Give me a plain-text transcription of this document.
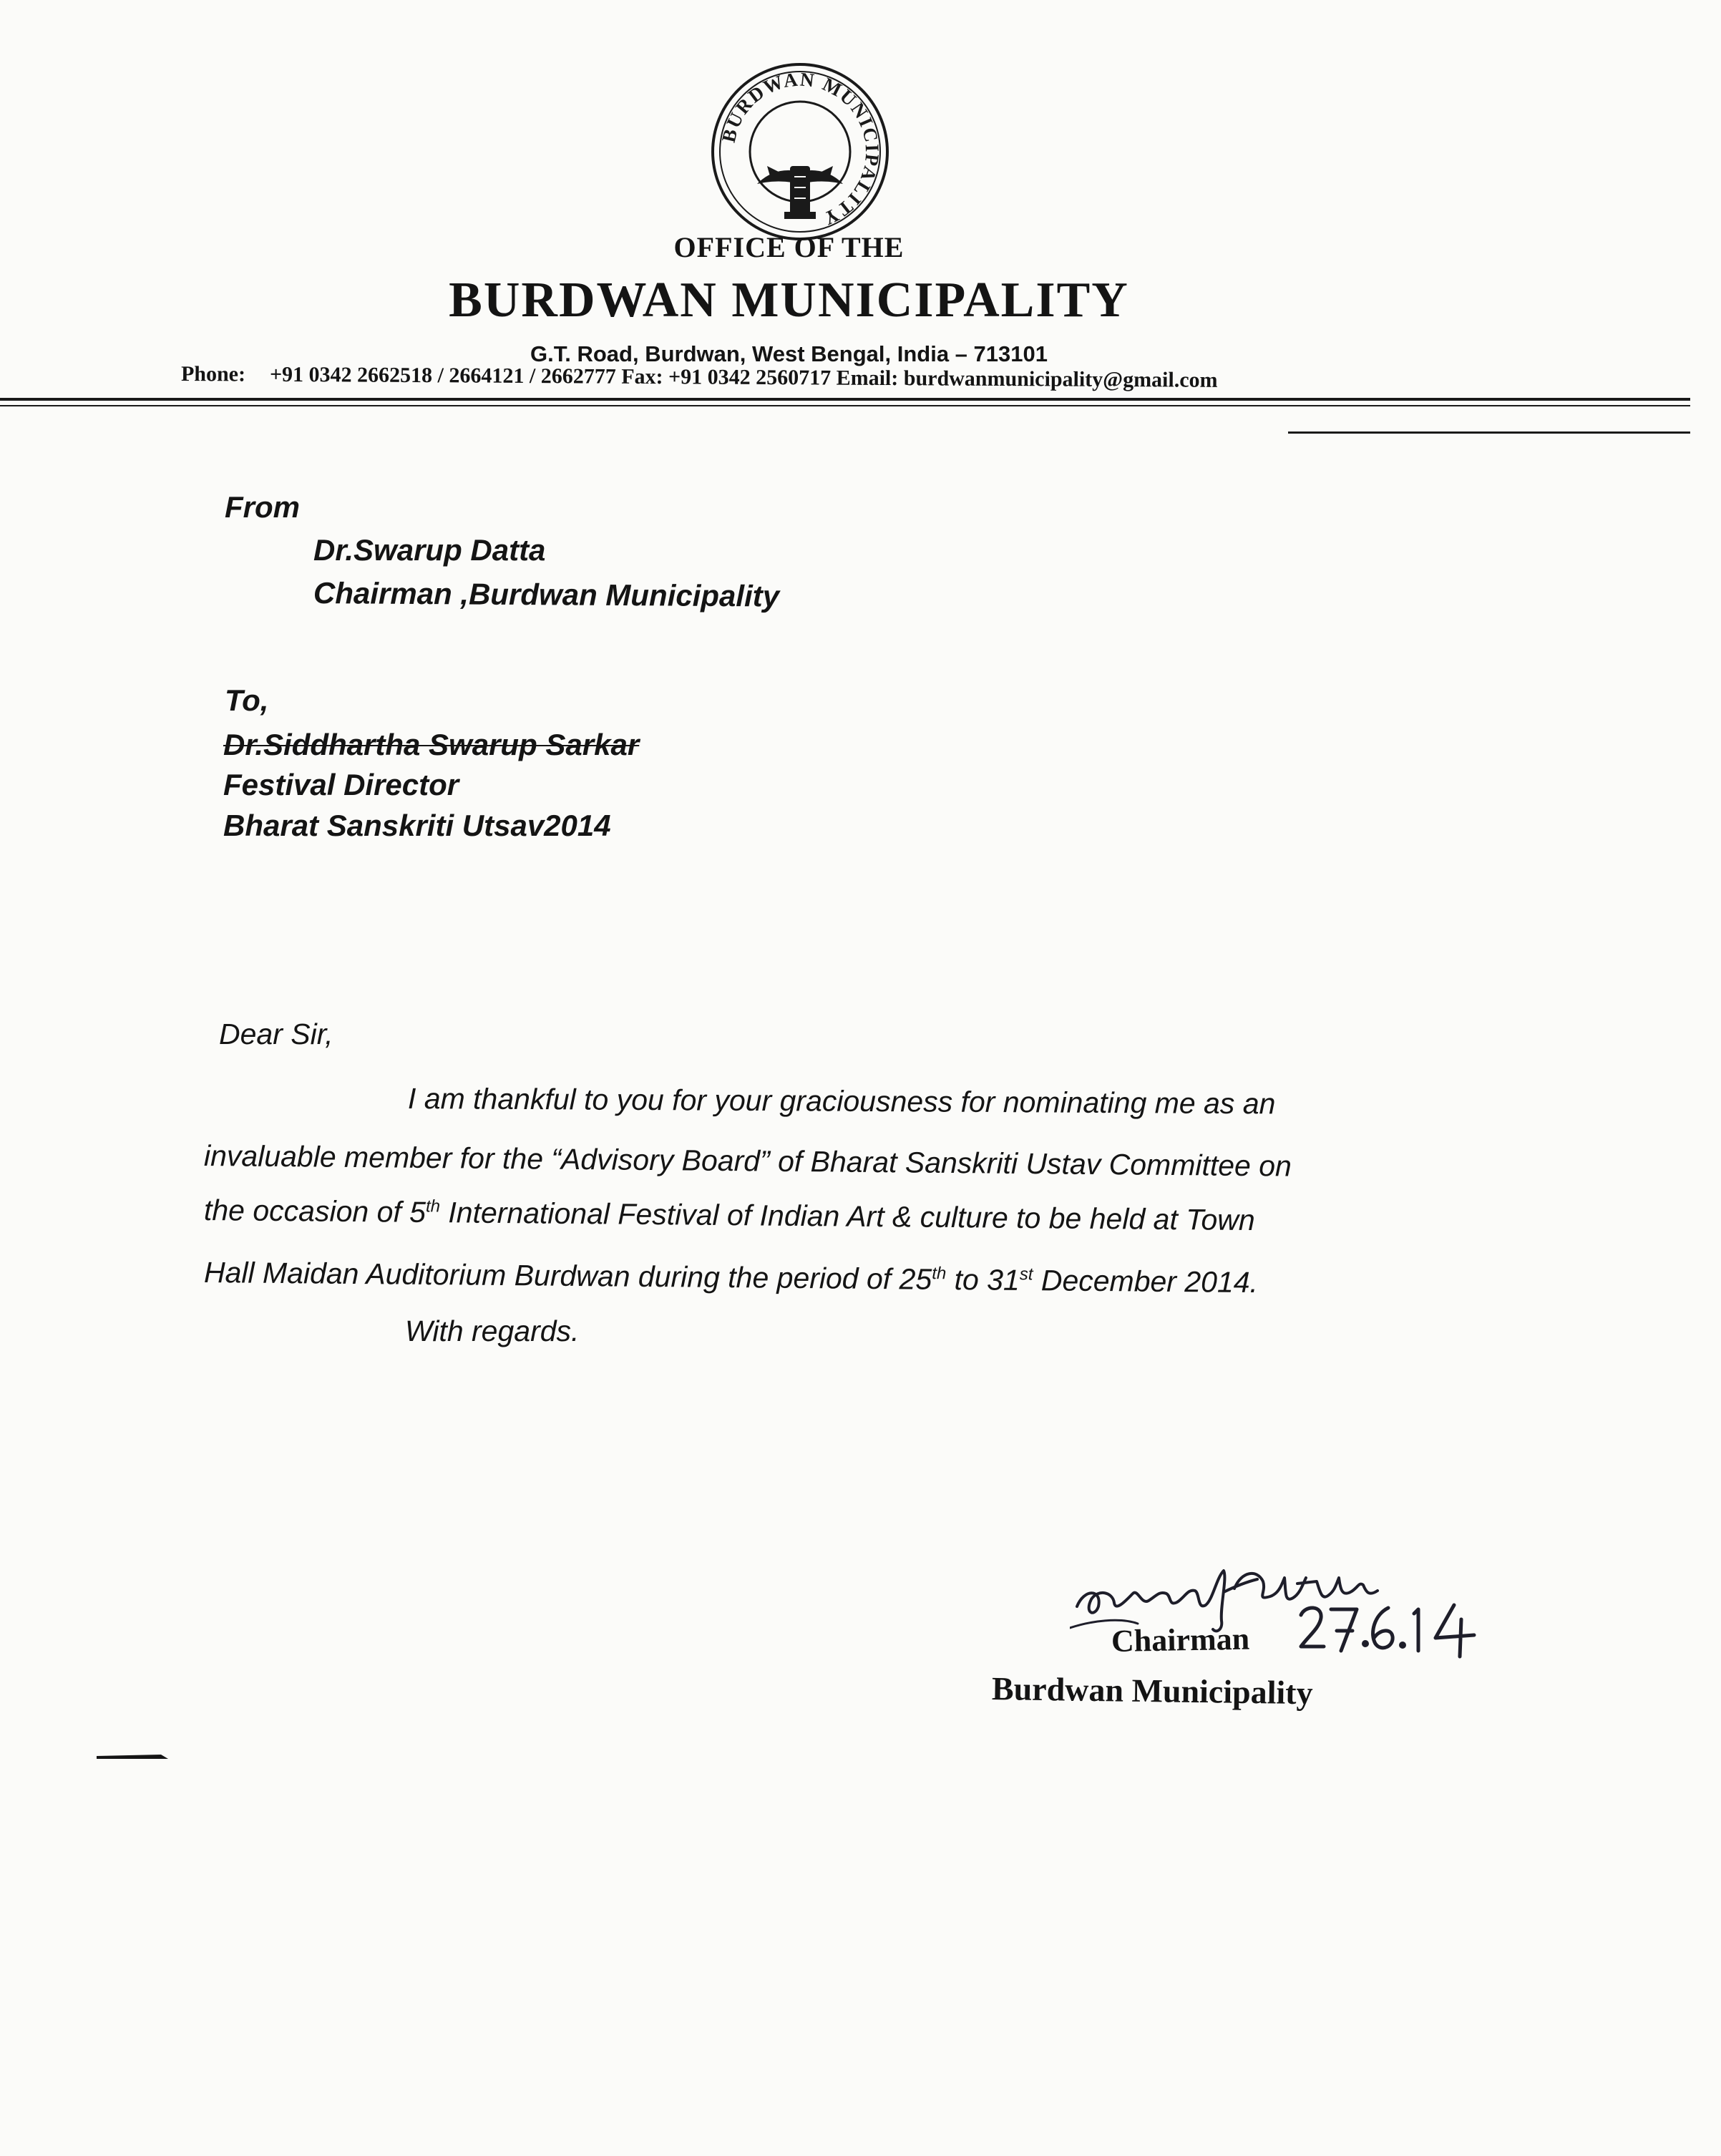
BURDWAN MUNICIPALITY
OFFICE OF THE
BURDWAN MUNICIPALITY
G.T. Road, Burdwan, West Bengal, India – 713101
Phone: +91 0342 2662518 / 2664121 / 2662777 Fax: +91 0342 2560717 Email: burdwanmunicipality@gmail.com
From
Dr.Swarup Datta
Chairman ,Burdwan Municipality
To,
Dr.Siddhartha Swarup Sarkar
Festival Director
Bharat Sanskriti Utsav2014
Dear Sir,
I am thankful to you for your graciousness for nominating me as an
invaluable member for the “Advisory Board” of Bharat Sanskriti Ustav Committee on
the occasion of 5th International Festival of Indian Art & culture to be held at Town
Hall Maidan Auditorium Burdwan during the period of 25th to 31st December 2014.
With regards.
Chairman
Burdwan Municipality
